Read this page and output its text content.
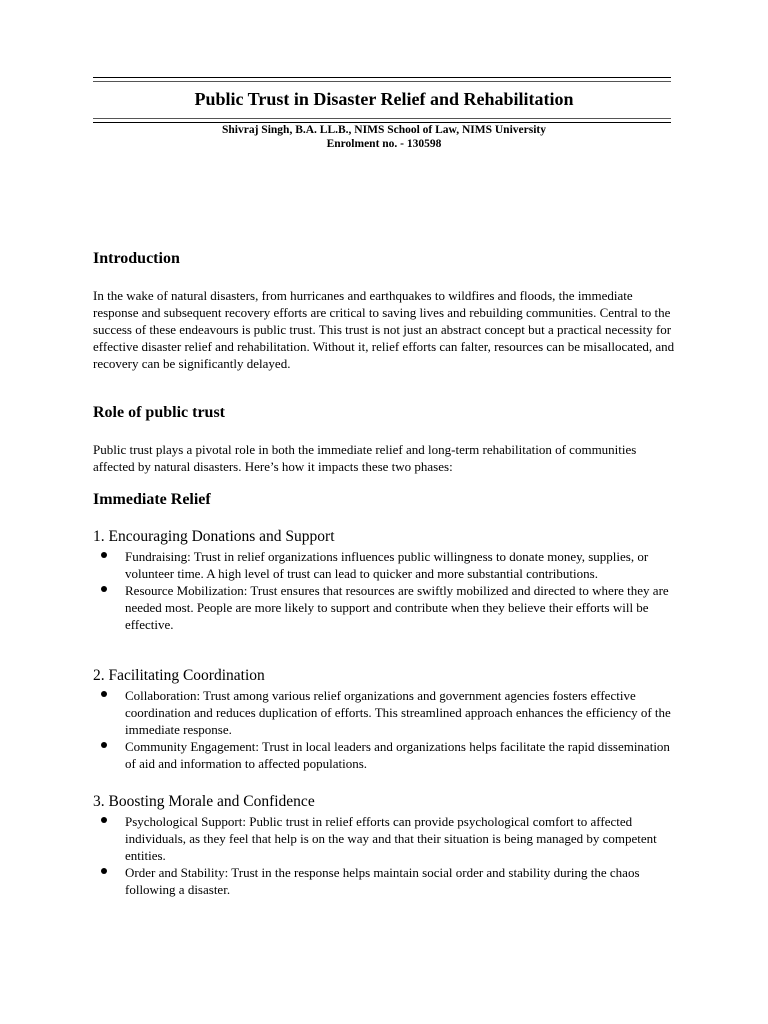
Public Trust in Disaster Relief and Rehabilitation
Shivraj Singh, B.A. LL.B., NIMS School of Law, NIMS University
Enrolment no. - 130598
Introduction

In the wake of natural disasters, from hurricanes and earthquakes to wildfires and floods, the immediate response and subsequent recovery efforts are critical to saving lives and rebuilding communities. Central to the success of these endeavours is public trust. This trust is not just an abstract concept but a practical necessity for effective disaster relief and rehabilitation. Without it, relief efforts can falter, resources can be misallocated, and recovery can be significantly delayed.

Role of public trust

Public trust plays a pivotal role in both the immediate relief and long-term rehabilitation of communities affected by natural disasters. Here’s how it impacts these two phases:

Immediate Relief
1. Encouraging Donations and Support
Fundraising: Trust in relief organizations influences public willingness to donate money, supplies, or volunteer time. A high level of trust can lead to quicker and more substantial contributions.
Resource Mobilization: Trust ensures that resources are swiftly mobilized and directed to where they are needed most. People are more likely to support and contribute when they believe their efforts will be effective.
2. Facilitating Coordination
Collaboration: Trust among various relief organizations and government agencies fosters effective coordination and reduces duplication of efforts. This streamlined approach enhances the efficiency of the immediate response.
Community Engagement: Trust in local leaders and organizations helps facilitate the rapid dissemination of aid and information to affected populations.
3. Boosting Morale and Confidence
Psychological Support: Public trust in relief efforts can provide psychological comfort to affected individuals, as they feel that help is on the way and that their situation is being managed by competent entities.
Order and Stability: Trust in the response helps maintain social order and stability during the chaos following a disaster.
